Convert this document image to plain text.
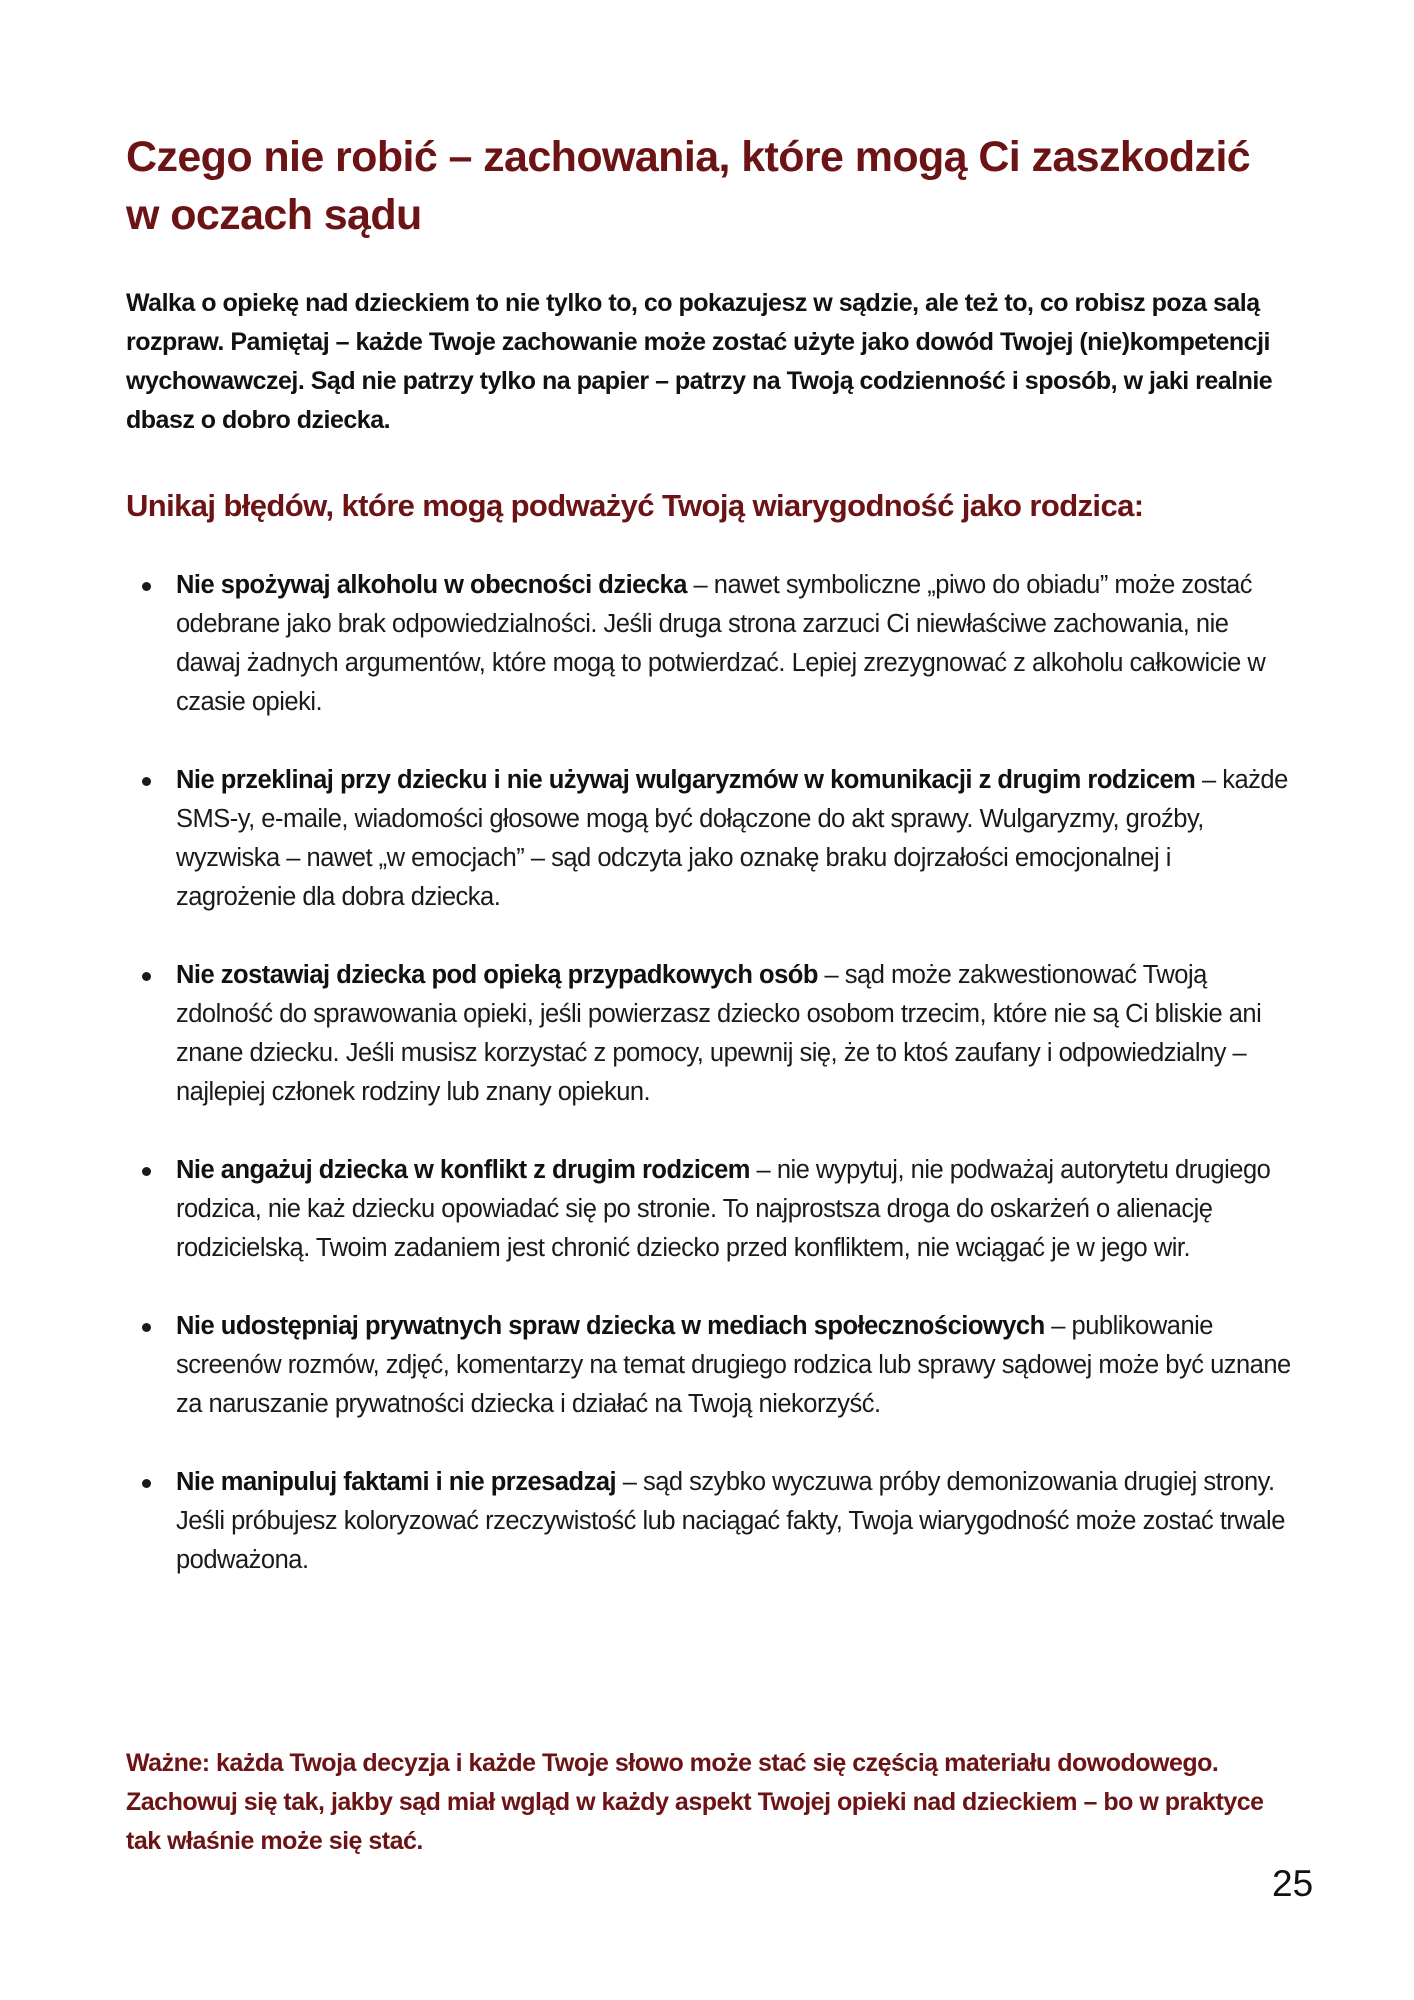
Czego nie robić – zachowania, które mogą Ci zaszkodzić w oczach sądu

Walka o opiekę nad dzieckiem to nie tylko to, co pokazujesz w sądzie, ale też to, co robisz poza salą rozpraw. Pamiętaj – każde Twoje zachowanie może zostać użyte jako dowód Twojej (nie)kompetencji wychowawczej. Sąd nie patrzy tylko na papier – patrzy na Twoją codzienność i sposób, w jaki realnie dbasz o dobro dziecka.

Unikaj błędów, które mogą podważyć Twoją wiarygodność jako rodzica:
Nie spożywaj alkoholu w obecności dziecka – nawet symboliczne „piwo do obiadu” może zostać odebrane jako brak odpowiedzialności. Jeśli druga strona zarzuci Ci niewłaściwe zachowania, nie dawaj żadnych argumentów, które mogą to potwierdzać. Lepiej zrezygnować z alkoholu całkowicie w czasie opieki.
Nie przeklinaj przy dziecku i nie używaj wulgaryzmów w komunikacji z drugim rodzicem – każde SMS-y, e-maile, wiadomości głosowe mogą być dołączone do akt sprawy. Wulgaryzmy, groźby, wyzwiska – nawet „w emocjach” – sąd odczyta jako oznakę braku dojrzałości emocjonalnej i zagrożenie dla dobra dziecka.
Nie zostawiaj dziecka pod opieką przypadkowych osób – sąd może zakwestionować Twoją zdolność do sprawowania opieki, jeśli powierzasz dziecko osobom trzecim, które nie są Ci bliskie ani znane dziecku. Jeśli musisz korzystać z pomocy, upewnij się, że to ktoś zaufany i odpowiedzialny – najlepiej członek rodziny lub znany opiekun.
Nie angażuj dziecka w konflikt z drugim rodzicem – nie wypytuj, nie podważaj autorytetu drugiego rodzica, nie każ dziecku opowiadać się po stronie. To najprostsza droga do oskarżeń o alienację rodzicielską. Twoim zadaniem jest chronić dziecko przed konfliktem, nie wciągać je w jego wir.
Nie udostępniaj prywatnych spraw dziecka w mediach społecznościowych – publikowanie screenów rozmów, zdjęć, komentarzy na temat drugiego rodzica lub sprawy sądowej może być uznane za naruszanie prywatności dziecka i działać na Twoją niekorzyść.
Nie manipuluj faktami i nie przesadzaj – sąd szybko wyczuwa próby demonizowania drugiej strony. Jeśli próbujesz koloryzować rzeczywistość lub naciągać fakty, Twoja wiarygodność może zostać trwale podważona.

Ważne: każda Twoja decyzja i każde Twoje słowo może stać się częścią materiału dowodowego. Zachowuj się tak, jakby sąd miał wgląd w każdy aspekt Twojej opieki nad dzieckiem – bo w praktyce tak właśnie może się stać.

25
